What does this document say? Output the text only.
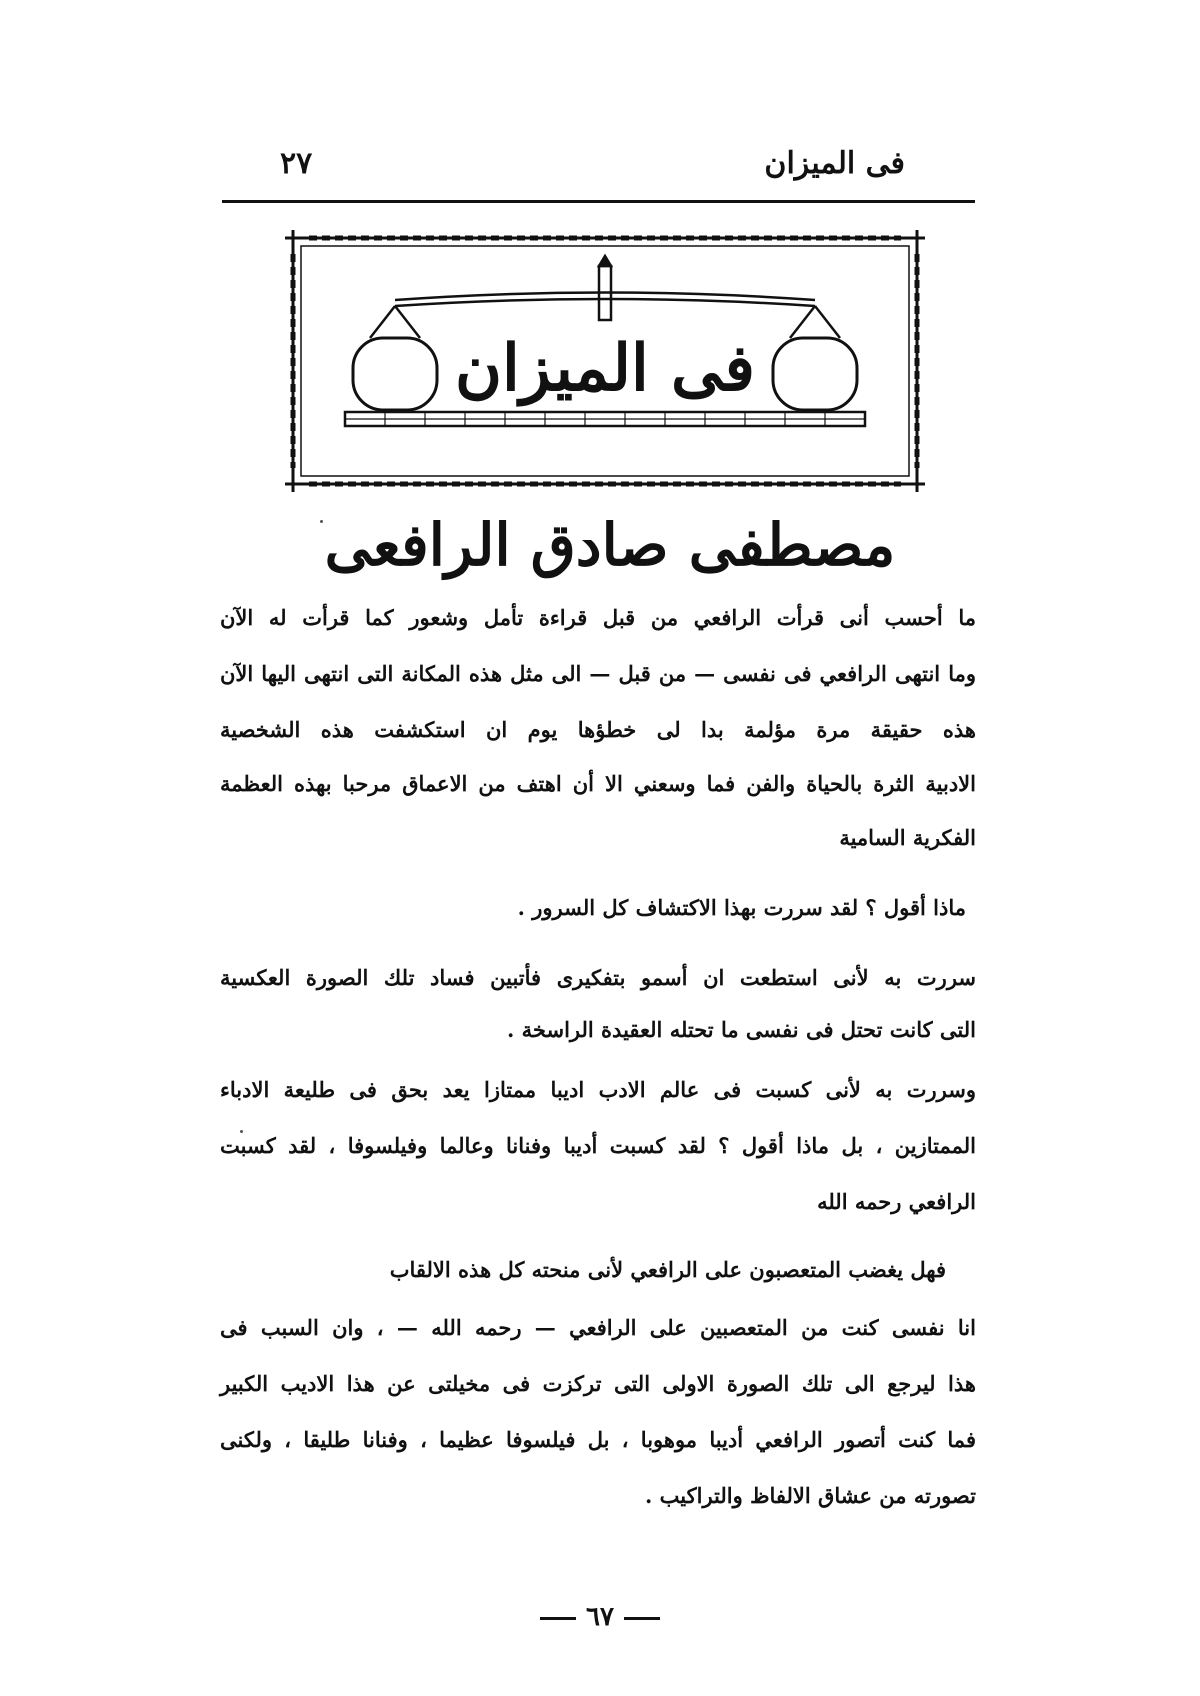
فى الميزان
٢٧
فى الميزان
مصطفى صادق الرافعى
ما أحسب أنى قرأت الرافعي من قبل قراءة تأمل وشعور كما قرأت له الآن
وما انتهى الرافعي فى نفسى — من قبل — الى مثل هذه المكانة التى انتهى اليها الآن
هذه حقيقة مرة مؤلمة بدا لى خطؤها يوم ان استكشفت هذه الشخصية
الادبية الثرة بالحياة والفن فما وسعني الا أن اهتف من الاعماق مرحبا بهذه العظمة
الفكرية السامية
ماذا أقول ؟ لقد سررت بهذا الاكتشاف كل السرور .
سررت به لأنى استطعت ان أسمو بتفكيرى فأتبين فساد تلك الصورة العكسية
التى كانت تحتل فى نفسى ما تحتله العقيدة الراسخة .
وسررت به لأنى كسبت فى عالم الادب اديبا ممتازا يعد بحق فى طليعة الادباء
الممتازين ، بل ماذا أقول ؟ لقد كسبت أديبا وفنانا وعالما وفيلسوفا ، لقد كسبت
الرافعي رحمه الله
فهل يغضب المتعصبون على الرافعي لأنى منحته كل هذه الالقاب
انا نفسى كنت من المتعصبين على الرافعي — رحمه الله — ، وان السبب فى
هذا ليرجع الى تلك الصورة الاولى التى تركزت فى مخيلتى عن هذا الاديب الكبير
فما كنت أتصور الرافعي أديبا موهوبا ، بل فيلسوفا عظيما ، وفنانا طليقا ، ولكنى
تصورته من عشاق الالفاظ والتراكيب .
٦٧
